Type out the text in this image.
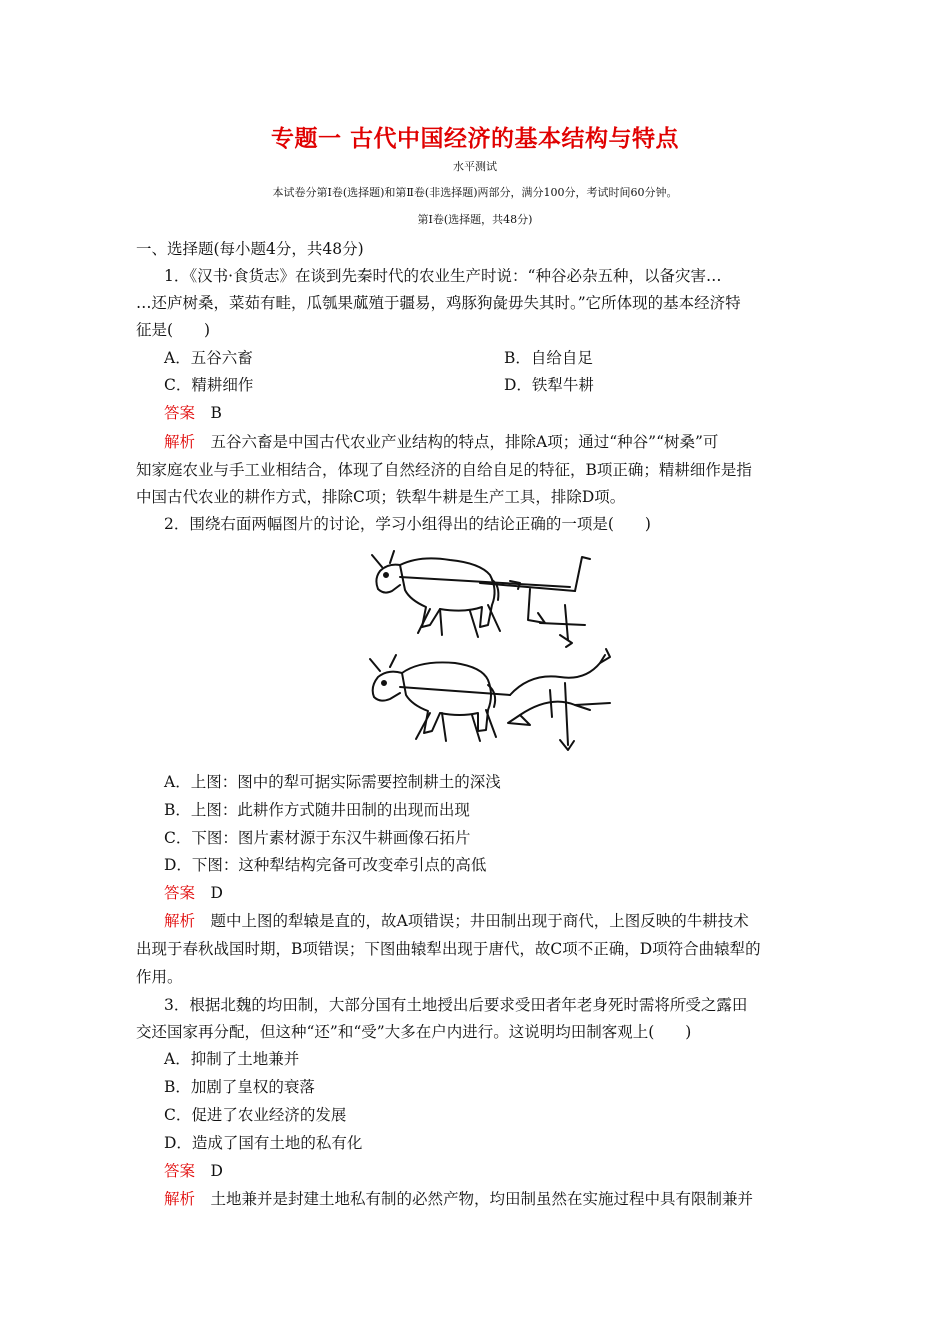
专题一 古代中国经济的基本结构与特点
水平测试
本试卷分第Ⅰ卷(选择题)和第Ⅱ卷(非选择题)两部分，满分100分，考试时间60分钟。
第Ⅰ卷(选择题，共48分)
一、选择题(每小题4分，共48分)
1．《汉书·食货志》在谈到先秦时代的农业生产时说：“种谷必杂五种，以备灾害…
…还庐树桑，菜茹有畦，瓜瓠果蓏殖于疆易，鸡豚狗彘毋失其时。”它所体现的基本经济特
征是(　　)
A．五谷六畜	B．自给自足
C．精耕细作	D．铁犁牛耕
答案　 B
解析　 五谷六畜是中国古代农业产业结构的特点，排除A项；通过“种谷”“树桑”可
知家庭农业与手工业相结合，体现了自然经济的自给自足的特征，B项正确；精耕细作是指
中国古代农业的耕作方式，排除C项；铁犁牛耕是生产工具，排除D项。
2．围绕右面两幅图片的讨论，学习小组得出的结论正确的一项是(　　)
A．上图：图中的犁可据实际需要控制耕土的深浅
B．上图：此耕作方式随井田制的出现而出现
C．下图：图片素材源于东汉牛耕画像石拓片
D．下图：这种犁结构完备可改变牵引点的高低
答案　 D
解析　 题中上图的犁辕是直的，故A项错误；井田制出现于商代，上图反映的牛耕技术
出现于春秋战国时期，B项错误；下图曲辕犁出现于唐代，故C项不正确，D项符合曲辕犁的
作用。
3．根据北魏的均田制，大部分国有土地授出后要求受田者年老身死时需将所受之露田
交还国家再分配，但这种“还”和“受”大多在户内进行。这说明均田制客观上(　　)
A．抑制了土地兼并
B．加剧了皇权的衰落
C．促进了农业经济的发展
D．造成了国有土地的私有化
答案　 D
解析　 土地兼并是封建土地私有制的必然产物，均田制虽然在实施过程中具有限制兼并
